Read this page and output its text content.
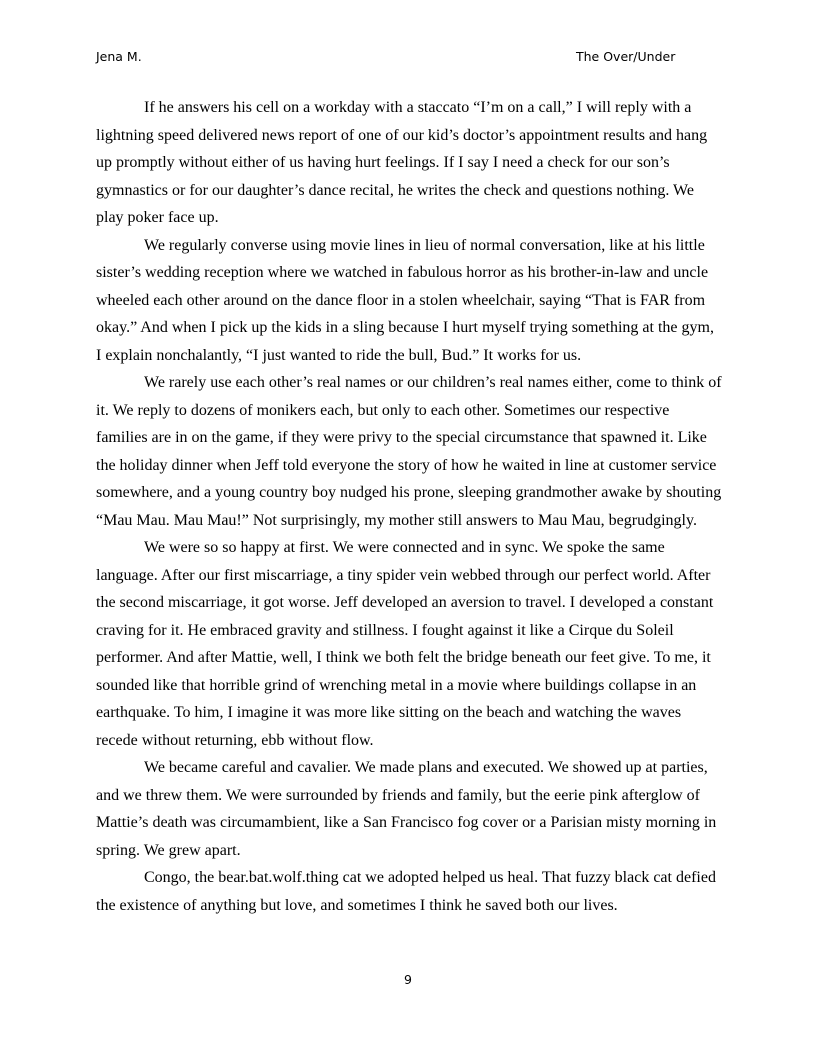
Jena M.	The Over/Under

If he answers his cell on a workday with a staccato “I’m on a call,” I will reply with a lightning speed delivered news report of one of our kid’s doctor’s appointment results and hang up promptly without either of us having hurt feelings. If I say I need a check for our son’s gymnastics or for our daughter’s dance recital, he writes the check and questions nothing. We play poker face up.

We regularly converse using movie lines in lieu of normal conversation, like at his little sister’s wedding reception where we watched in fabulous horror as his brother-in-law and uncle wheeled each other around on the dance floor in a stolen wheelchair, saying “That is FAR from okay.” And when I pick up the kids in a sling because I hurt myself trying something at the gym, I explain nonchalantly, “I just wanted to ride the bull, Bud.” It works for us.

We rarely use each other’s real names or our children’s real names either, come to think of it. We reply to dozens of monikers each, but only to each other. Sometimes our respective families are in on the game, if they were privy to the special circumstance that spawned it. Like the holiday dinner when Jeff told everyone the story of how he waited in line at customer service somewhere, and a young country boy nudged his prone, sleeping grandmother awake by shouting “Mau Mau. Mau Mau!” Not surprisingly, my mother still answers to Mau Mau, begrudgingly.

We were so so happy at first. We were connected and in sync. We spoke the same language. After our first miscarriage, a tiny spider vein webbed through our perfect world. After the second miscarriage, it got worse. Jeff developed an aversion to travel. I developed a constant craving for it. He embraced gravity and stillness. I fought against it like a Cirque du Soleil performer. And after Mattie, well, I think we both felt the bridge beneath our feet give. To me, it sounded like that horrible grind of wrenching metal in a movie where buildings collapse in an earthquake. To him, I imagine it was more like sitting on the beach and watching the waves recede without returning, ebb without flow.

We became careful and cavalier. We made plans and executed. We showed up at parties, and we threw them. We were surrounded by friends and family, but the eerie pink afterglow of Mattie’s death was circumambient, like a San Francisco fog cover or a Parisian misty morning in spring. We grew apart.

Congo, the bear.bat.wolf.thing cat we adopted helped us heal. That fuzzy black cat defied the existence of anything but love, and sometimes I think he saved both our lives.

9
